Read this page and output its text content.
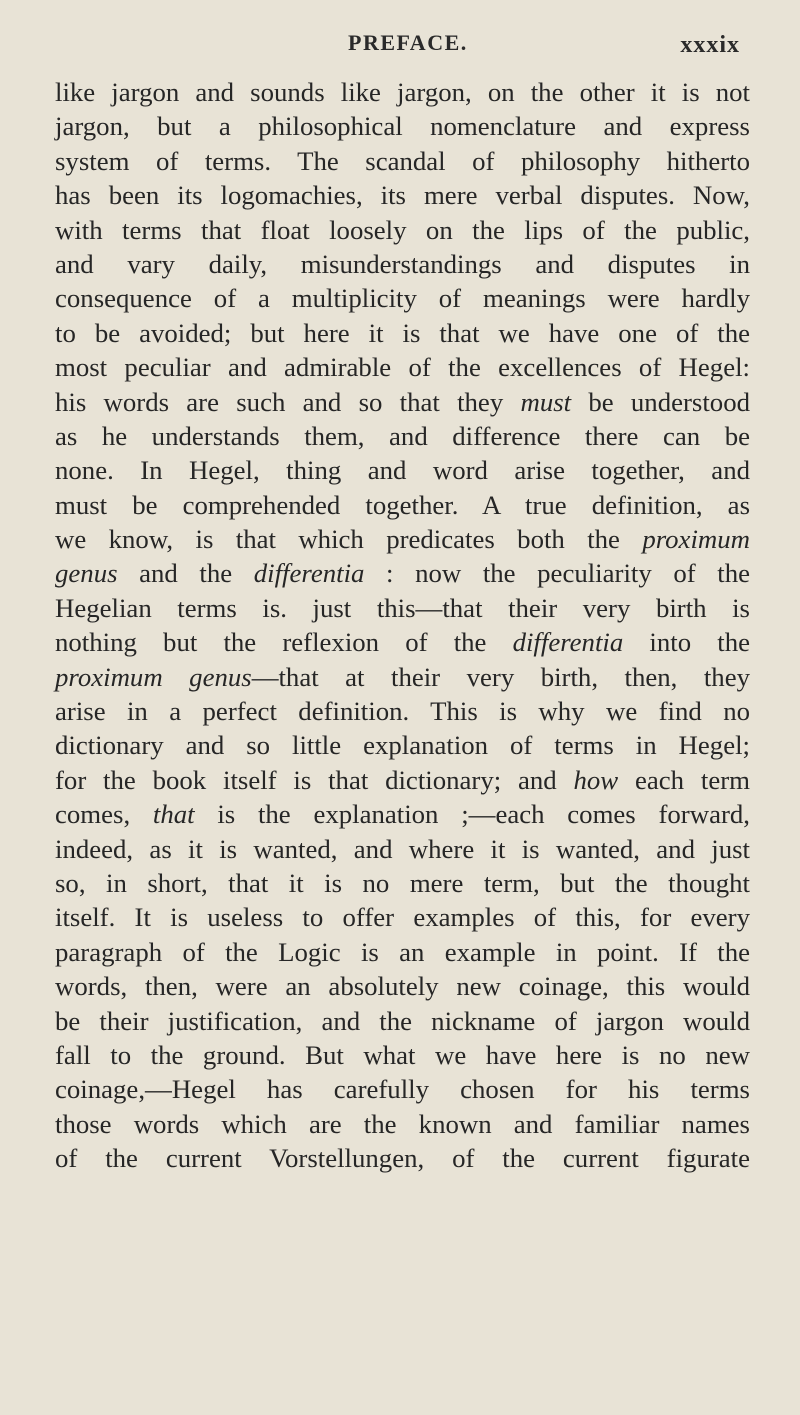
PREFACE.	xxxix
like jargon and sounds like jargon, on the other it is not
jargon, but a philosophical nomenclature and express
system of terms. The scandal of philosophy hitherto
has been its logomachies, its mere verbal disputes. Now,
with terms that float loosely on the lips of the public,
and vary daily, misunderstandings and disputes in
consequence of a multiplicity of meanings were hardly
to be avoided; but here it is that we have one of the
most peculiar and admirable of the excellences of Hegel:
his words are such and so that they must be understood
as he understands them, and difference there can be
none. In Hegel, thing and word arise together, and
must be comprehended together. A true definition, as
we know, is that which predicates both the proximum
genus and the differentia : now the peculiarity of the
Hegelian terms is. just this—that their very birth is
nothing but the reflexion of the differentia into the
proximum genus—that at their very birth, then, they
arise in a perfect definition. This is why we find no
dictionary and so little explanation of terms in Hegel;
for the book itself is that dictionary; and how each term
comes, that is the explanation ;—each comes forward,
indeed, as it is wanted, and where it is wanted, and just
so, in short, that it is no mere term, but the thought
itself. It is useless to offer examples of this, for every
paragraph of the Logic is an example in point. If the
words, then, were an absolutely new coinage, this would
be their justification, and the nickname of jargon would
fall to the ground. But what we have here is no new
coinage,—Hegel has carefully chosen for his terms
those words which are the known and familiar names
of the current Vorstellungen, of the current figurate
